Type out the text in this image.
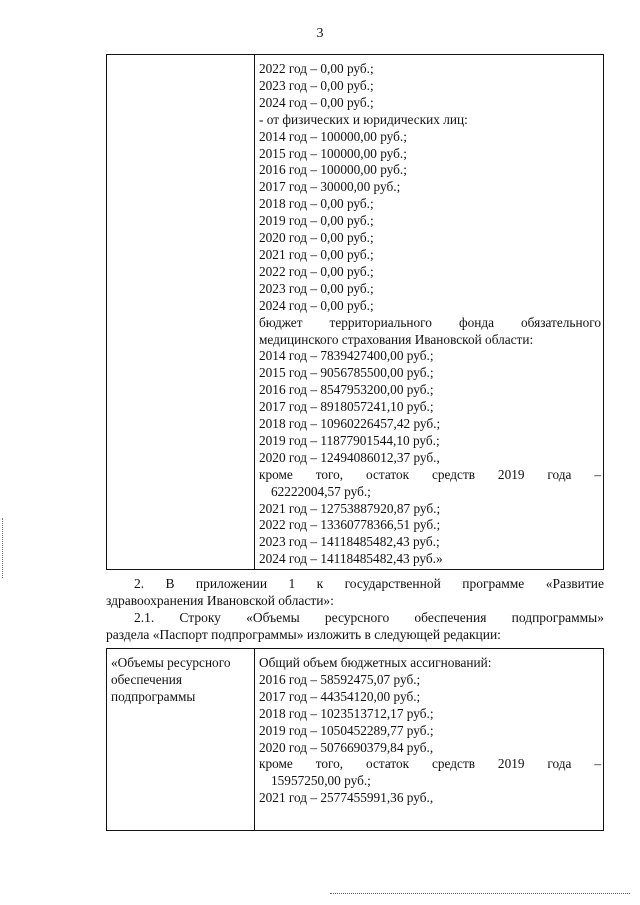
3
2022 год – 0,00 руб.;
2023 год – 0,00 руб.;
2024 год – 0,00 руб.;
- от физических и юридических лиц:
2014 год – 100000,00 руб.;
2015 год – 100000,00 руб.;
2016 год – 100000,00 руб.;
2017 год – 30000,00 руб.;
2018 год – 0,00 руб.;
2019 год – 0,00 руб.;
2020 год – 0,00 руб.;
2021 год – 0,00 руб.;
2022 год – 0,00 руб.;
2023 год – 0,00 руб.;
2024 год – 0,00 руб.;
бюджет территориального фонда обязательного
медицинского страхования Ивановской области:
2014 год – 7839427400,00 руб.;
2015 год – 9056785500,00 руб.;
2016 год – 8547953200,00 руб.;
2017 год – 8918057241,10 руб.;
2018 год – 10960226457,42 руб.;
2019 год – 11877901544,10 руб.;
2020 год – 12494086012,37 руб.,
кроме того, остаток средств 2019 года –
62222004,57 руб.;
2021 год – 12753887920,87 руб.;
2022 год – 13360778366,51 руб.;
2023 год – 14118485482,43 руб.;
2024 год – 14118485482,43 руб.»
2. В приложении 1 к государственной программе «Развитие
здравоохранения Ивановской области»:
2.1. Строку «Объемы ресурсного обеспечения подпрограммы»
раздела «Паспорт подпрограммы» изложить в следующей редакции:
«Объемы ресурсного
обеспечения
подпрограммы
Общий объем бюджетных ассигнований:
2016 год – 58592475,07 руб.;
2017 год – 44354120,00 руб.;
2018 год – 1023513712,17 руб.;
2019 год – 1050452289,77 руб.;
2020 год – 5076690379,84 руб.,
кроме того, остаток средств 2019 года –
15957250,00 руб.;
2021 год – 2577455991,36 руб.,
